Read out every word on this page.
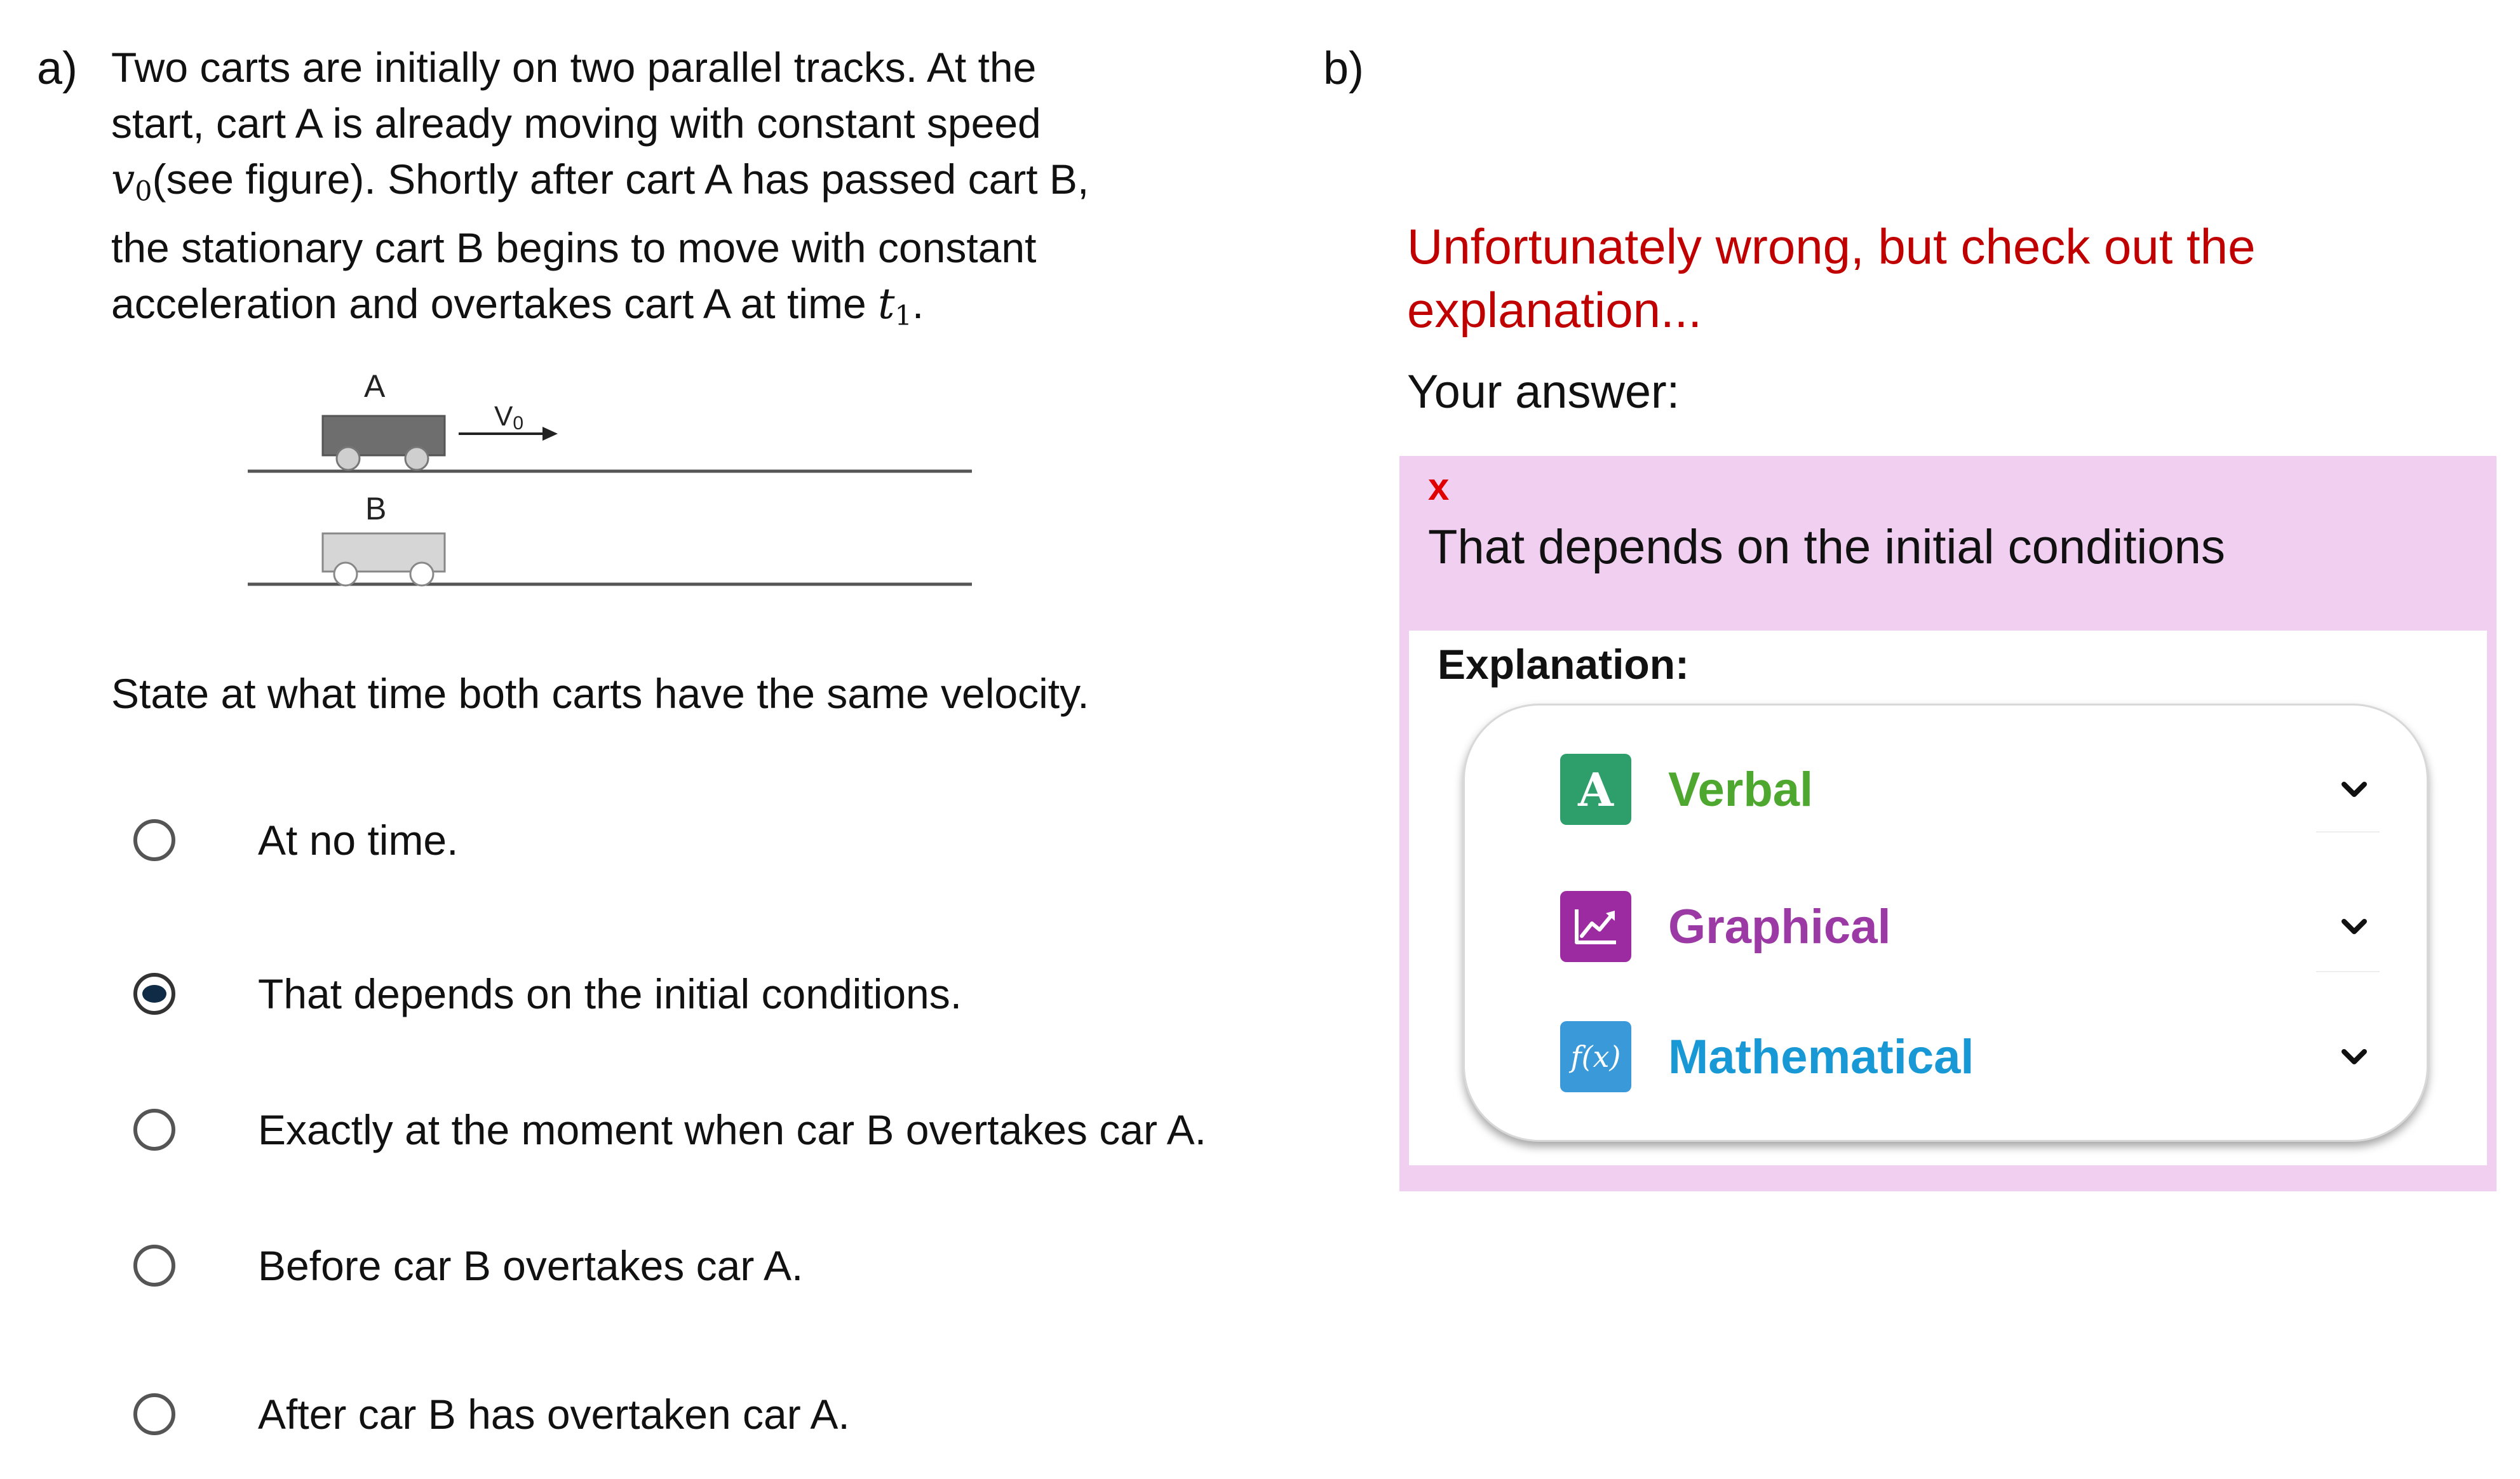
a) Two carts are initially on two parallel tracks. At the
start, cart A is already moving with constant speed
$v_0(see$ figure). Shortly after cart A has passed cart B,
the stationary cart B begins to move with constant
acceleration and overtakes cart A at time $t_1$.
A
B
V0
State at what time both carts have the same velocity.
At no time.
That depends on the initial conditions.
Exactly at the moment when car B overtakes car A.
Before car B overtakes car A.
After car B has overtaken car A.
b)
Unfortunately wrong, but check out the
explanation...
Your answer:
x
That depends on the initial conditions
Explanation:
A	Verbal
Graphical
f(x) Mathematical
